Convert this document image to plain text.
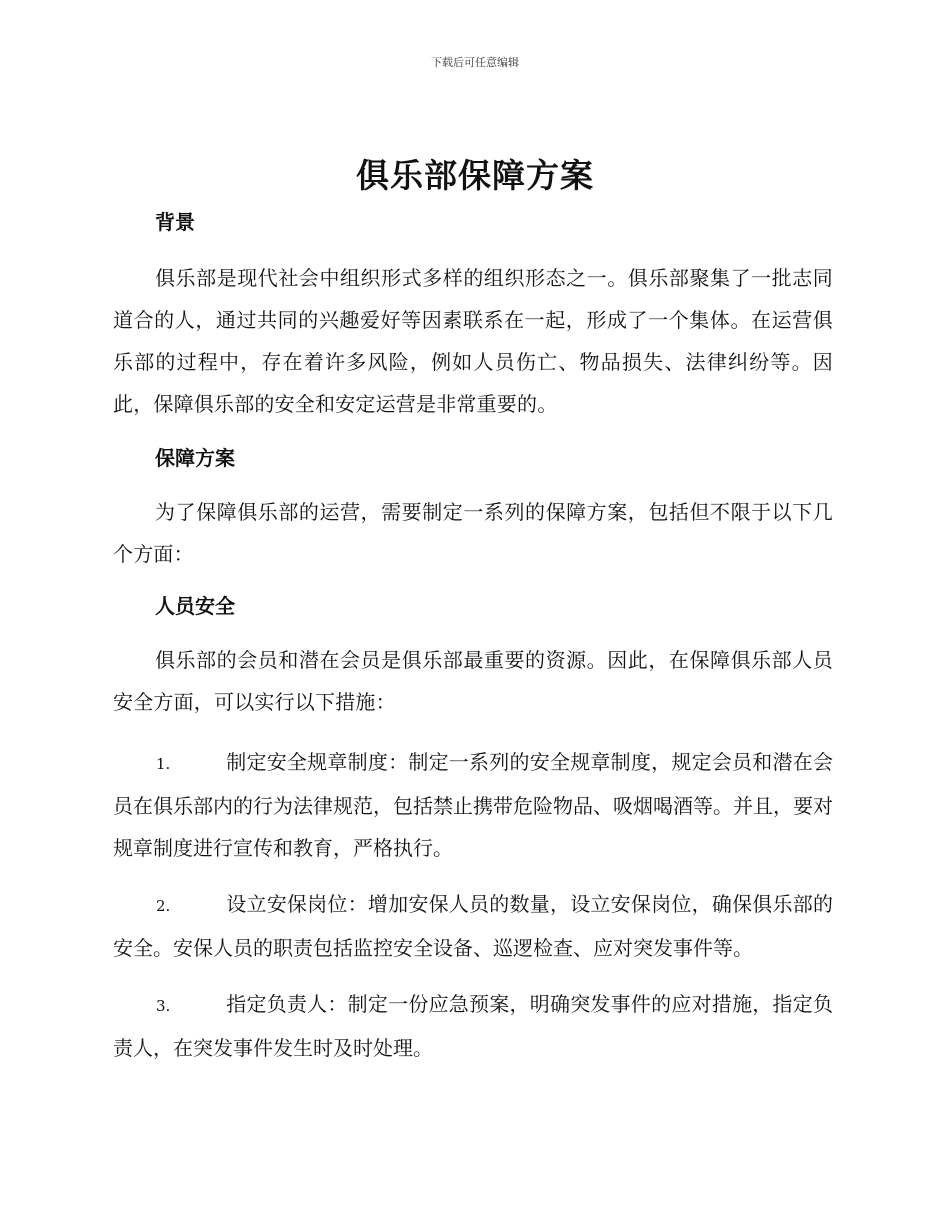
下载后可任意编辑
俱乐部保障方案
背景

俱乐部是现代社会中组织形式多样的组织形态之一。俱乐部聚集了一批志同道合的人，通过共同的兴趣爱好等因素联系在一起，形成了一个集体。在运营俱乐部的过程中，存在着许多风险，例如人员伤亡、物品损失、法律纠纷等。因此，保障俱乐部的安全和安定运营是非常重要的。

保障方案

为了保障俱乐部的运营，需要制定一系列的保障方案，包括但不限于以下几个方面：

人员安全

俱乐部的会员和潜在会员是俱乐部最重要的资源。因此，在保障俱乐部人员安全方面，可以实行以下措施：

1.	制定安全规章制度：制定一系列的安全规章制度，规定会员和潜在会员在俱乐部内的行为法律规范，包括禁止携带危险物品、吸烟喝酒等。并且，要对规章制度进行宣传和教育，严格执行。

2.	设立安保岗位：增加安保人员的数量，设立安保岗位，确保俱乐部的安全。安保人员的职责包括监控安全设备、巡逻检查、应对突发事件等。

3.	指定负责人：制定一份应急预案，明确突发事件的应对措施，指定负责人，在突发事件发生时及时处理。
